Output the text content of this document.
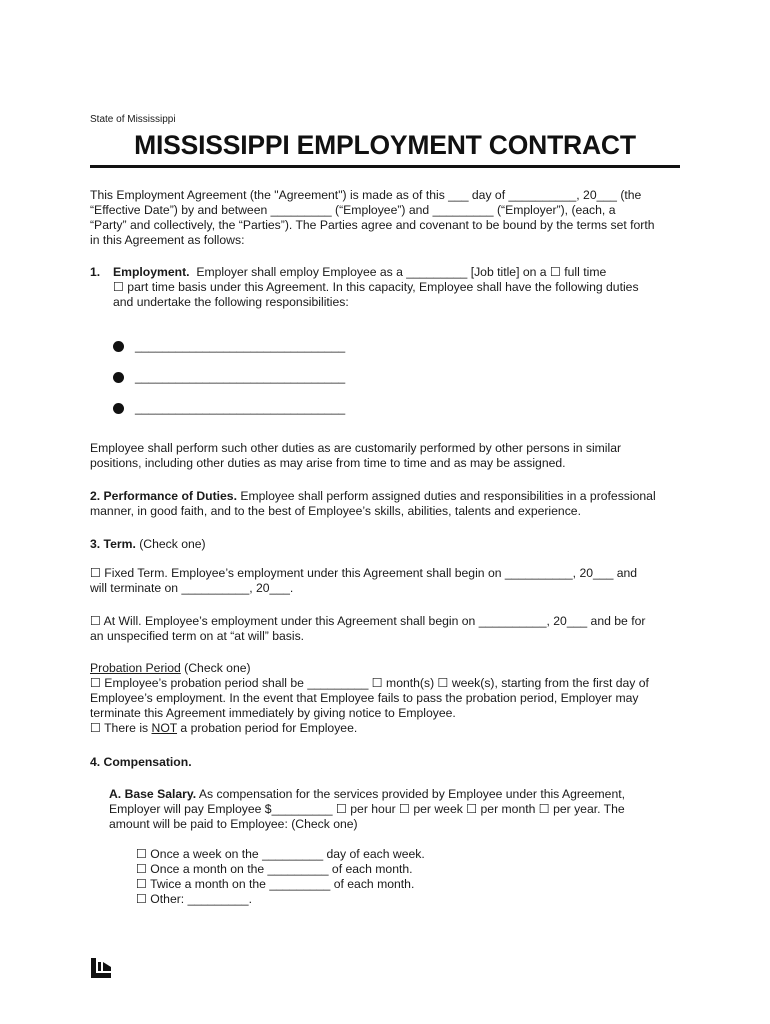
State of Mississippi
MISSISSIPPI EMPLOYMENT CONTRACT
This Employment Agreement (the "Agreement") is made as of this ___ day of __________, 20___ (the
“Effective Date”) by and between _________ (“Employee”) and _________ (“Employer”), (each, a
“Party” and collectively, the “Parties”). The Parties agree and covenant to be bound by the terms set forth
in this Agreement as follows:
1. Employment. Employer shall employ Employee as a _________ [Job title] on a ☐ full time
☐ part time basis under this Agreement. In this capacity, Employee shall have the following duties
and undertake the following responsibilities:
_______________________________
_______________________________
_______________________________
Employee shall perform such other duties as are customarily performed by other persons in similar
positions, including other duties as may arise from time to time and as may be assigned.
2. Performance of Duties. Employee shall perform assigned duties and responsibilities in a professional
manner, in good faith, and to the best of Employee’s skills, abilities, talents and experience.
3. Term. (Check one)
☐ Fixed Term. Employee’s employment under this Agreement shall begin on __________, 20___ and
will terminate on __________, 20___.
☐ At Will. Employee’s employment under this Agreement shall begin on __________, 20___ and be for
an unspecified term on at “at will” basis.
Probation Period (Check one)
☐ Employee’s probation period shall be _________ ☐ month(s) ☐ week(s), starting from the first day of
Employee’s employment. In the event that Employee fails to pass the probation period, Employer may
terminate this Agreement immediately by giving notice to Employee.
☐ There is NOT a probation period for Employee.
4. Compensation.
A. Base Salary. As compensation for the services provided by Employee under this Agreement,
Employer will pay Employee $_________ ☐ per hour ☐ per week ☐ per month ☐ per year. The
amount will be paid to Employee: (Check one)
☐ Once a week on the _________ day of each week.
☐ Once a month on the _________ of each month.
☐ Twice a month on the _________ of each month.
☐ Other: _________.
